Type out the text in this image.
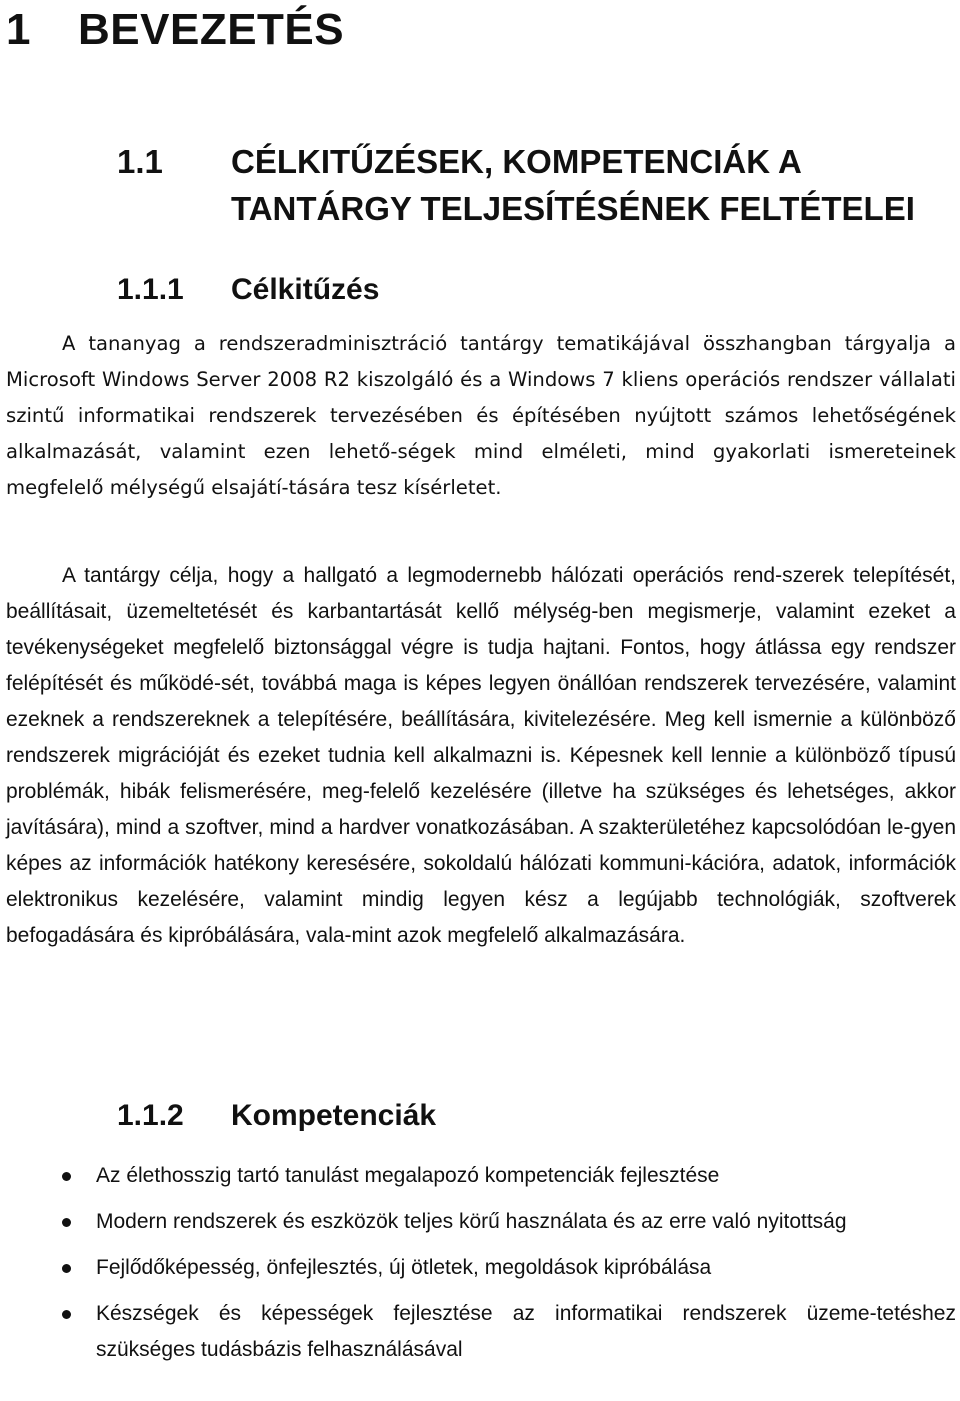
1 BEVEZETÉS
1.1 CÉLKITŰZÉSEK, KOMPETENCIÁK A TANTÁRGY TELJESÍTÉSÉNEK FELTÉTELEI
1.1.1 Célkitűzés

A tananyag a rendszeradminisztráció tantárgy tematikájával összhangban tárgyalja a Microsoft Windows Server 2008 R2 kiszolgáló és a Windows 7 kliens operációs rendszer vállalati szintű informatikai rendszerek tervezésében és építésében nyújtott számos lehetőségének alkalmazását, valamint ezen lehető-ségek mind elméleti, mind gyakorlati ismereteinek megfelelő mélységű elsajátí-tására tesz kísérletet.

A tantárgy célja, hogy a hallgató a legmodernebb hálózati operációs rend-szerek telepítését, beállításait, üzemeltetését és karbantartását kellő mélység-ben megismerje, valamint ezeket a tevékenységeket megfelelő biztonsággal végre is tudja hajtani. Fontos, hogy átlássa egy rendszer felépítését és működé-sét, továbbá maga is képes legyen önállóan rendszerek tervezésére, valamint ezeknek a rendszereknek a telepítésére, beállítására, kivitelezésére. Meg kell ismernie a különböző rendszerek migrációját és ezeket tudnia kell alkalmazni is. Képesnek kell lennie a különböző típusú problémák, hibák felismerésére, meg-felelő kezelésére (illetve ha szükséges és lehetséges, akkor javítására), mind a szoftver, mind a hardver vonatkozásában. A szakterületéhez kapcsolódóan le-gyen képes az információk hatékony keresésére, sokoldalú hálózati kommuni-kációra, adatok, információk elektronikus kezelésére, valamint mindig legyen kész a legújabb technológiák, szoftverek befogadására és kipróbálására, vala-mint azok megfelelő alkalmazására.

1.1.2 Kompetenciák
Az élethosszig tartó tanulást megalapozó kompetenciák fejlesztése
Modern rendszerek és eszközök teljes körű használata és az erre való nyitottság
Fejlődőképesség, önfejlesztés, új ötletek, megoldások kipróbálása
Készségek és képességek fejlesztése az informatikai rendszerek üzeme-tetéshez szükséges tudásbázis felhasználásával
